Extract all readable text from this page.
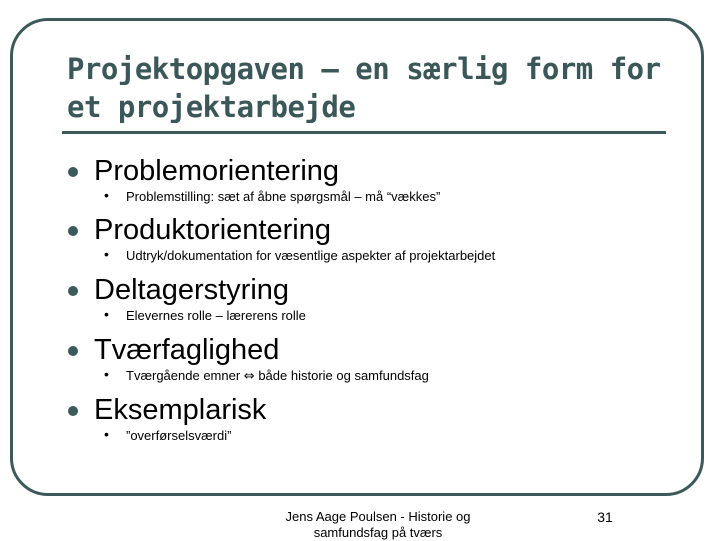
Projektopgaven – en særlig form for et projektarbejde
Problemorientering
• Problemstilling: sæt af åbne spørgsmål – må “vækkes”
Produktorientering
• Udtryk/dokumentation for væsentlige aspekter af projektarbejdet
Deltagerstyring
• Elevernes rolle – lærerens rolle
Tværfaglighed
• Tværgående emner ⇔ både historie og samfundsfag
Eksemplarisk
• ”overførselsværdi”
Jens Aage Poulsen - Historie og samfundsfag på tværs
31
